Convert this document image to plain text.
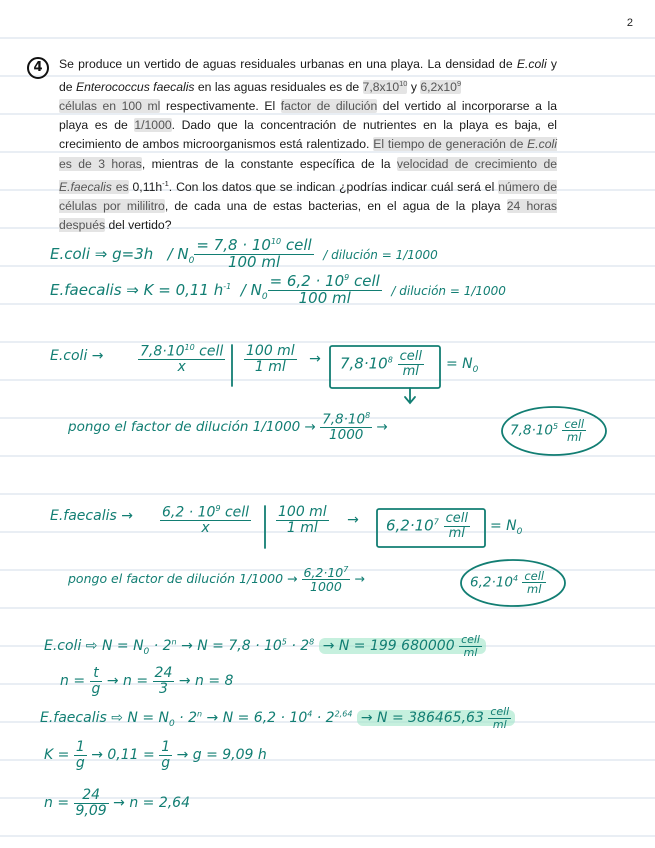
2
4	Se produce un vertido de aguas residuales urbanas en una playa. La densidad de E.coli y de Enterococcus faecalis en las aguas residuales es de $7,8x10^{10}$ y $6,2x10^9$
células en 100 ml respectivamente. El factor de dilución del vertido al incorporarse a la playa es de 1/1000. Dado que la concentración de nutrientes en la playa es baja, el crecimiento de ambos microorganismos está ralentizado. El tiempo de generación de E.coli es de 3 horas, mientras de la constante específica de la velocidad de crecimiento de E.faecalis es $0,11h^{-1}$. Con los datos que se indican ¿podrías indicar cuál será el número de células por mililitro, de cada una de estas bacterias, en el agua de la playa 24 horas después del vertido?
E.coli ⇒ $g=3h / N_0 \frac{= 7,8 \cdot 10^{10} cell}{100 ml}$ / dilución = 1/1000
E.faecalis ⇒ K = 0,11 $h^{-1} / N_0 \frac{= 6,2 \cdot 10^9 cell}{100 ml}$ / dilución = 1/1000
E.coli → $\frac{7,8\cdot 10^{10} cell}{x} \frac{100 ml}{1 ml} \to 7,8\cdot 10^8 \frac{\text{cell}}{ml} = N_0$
pongo el factor de dilución $1/1000 \to \frac{7,8\cdot 10^8}{1000}$ →	$7,8\cdot 10^5 \frac{\text{cell}}{ml}$
E.faecalis → $\frac{6,2 \cdot 10^9 cell}{x} \frac{100 ml}{1 ml} \to 6,2\cdot 10^7 \frac{\text{cell}}{ml} = N_0$
pongo el factor de dilución $1/1000 \to \frac{6,2\cdot 10^7}{1000}$ →	$6,2\cdot 10^4 \frac{\text{cell}}{ml}$
E.coli ⇨ $N = N_0 \cdot 2^n \to N = 7,8 \cdot 10^5 \cdot 2^8 \to N = 199$ $680000 \frac{\text{cell}}{ml}$
$n = \frac{t}{g} \to n = \frac{24}{3} \to n = 8$
E.faecalis ⇨ $N = N_0 \cdot 2^n \to N = 6,2 \cdot 10^4 \cdot 2^{2,64} \to N = 386465,63 \frac{\text{cell}}{ml}$
$K = \frac{1}{g} \to 0,11 = \frac{1}{g} \to g = 9,09$ h
$n = \frac{24}{9,09} \to n = 2,64$
